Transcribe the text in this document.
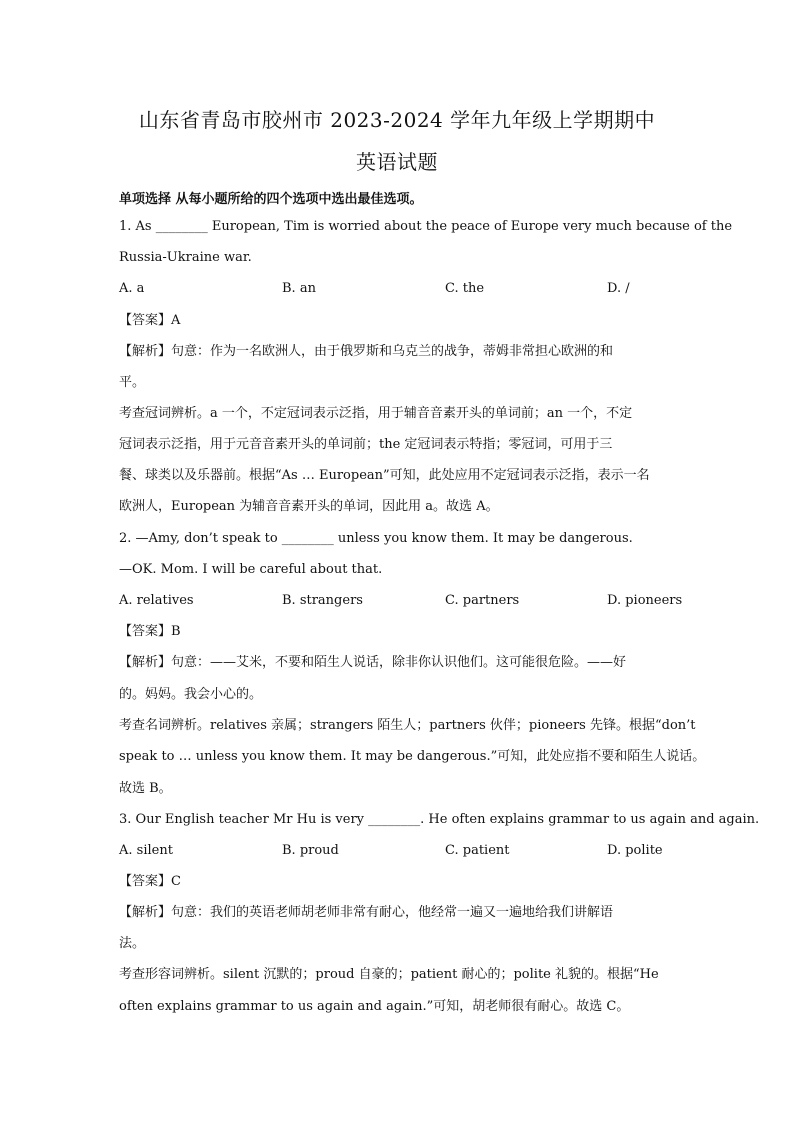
山东省青岛市胶州市 2023-2024 学年九年级上学期期中
英语试题
单项选择 从每小题所给的四个选项中选出最佳选项。
1. As ________ European, Tim is worried about the peace of Europe very much because of the
Russia-Ukraine war.
A. a	B. an	C. the	D. /
【答案】A
【解析】句意：作为一名欧洲人，由于俄罗斯和乌克兰的战争，蒂姆非常担心欧洲的和
平。
考查冠词辨析。a 一个，不定冠词表示泛指，用于辅音音素开头的单词前；an 一个，不定
冠词表示泛指，用于元音音素开头的单词前；the 定冠词表示特指；零冠词，可用于三
餐、球类以及乐器前。根据“As … European”可知，此处应用不定冠词表示泛指，表示一名
欧洲人，European 为辅音音素开头的单词，因此用 a。故选 A。
2. —Amy, don’t speak to ________ unless you know them. It may be dangerous.
—OK. Mom. I will be careful about that.
A. relatives	B. strangers	C. partners	D. pioneers
【答案】B
【解析】句意：——艾米，不要和陌生人说话，除非你认识他们。这可能很危险。——好
的。妈妈。我会小心的。
考查名词辨析。relatives 亲属；strangers 陌生人；partners 伙伴；pioneers 先锋。根据“don’t
speak to … unless you know them. It may be dangerous.”可知，此处应指不要和陌生人说话。
故选 B。
3. Our English teacher Mr Hu is very ________. He often explains grammar to us again and again.
A. silent	B. proud	C. patient	D. polite
【答案】C
【解析】句意：我们的英语老师胡老师非常有耐心，他经常一遍又一遍地给我们讲解语
法。
考查形容词辨析。silent 沉默的；proud 自豪的；patient 耐心的；polite 礼貌的。根据“He
often explains grammar to us again and again.”可知，胡老师很有耐心。故选 C。
